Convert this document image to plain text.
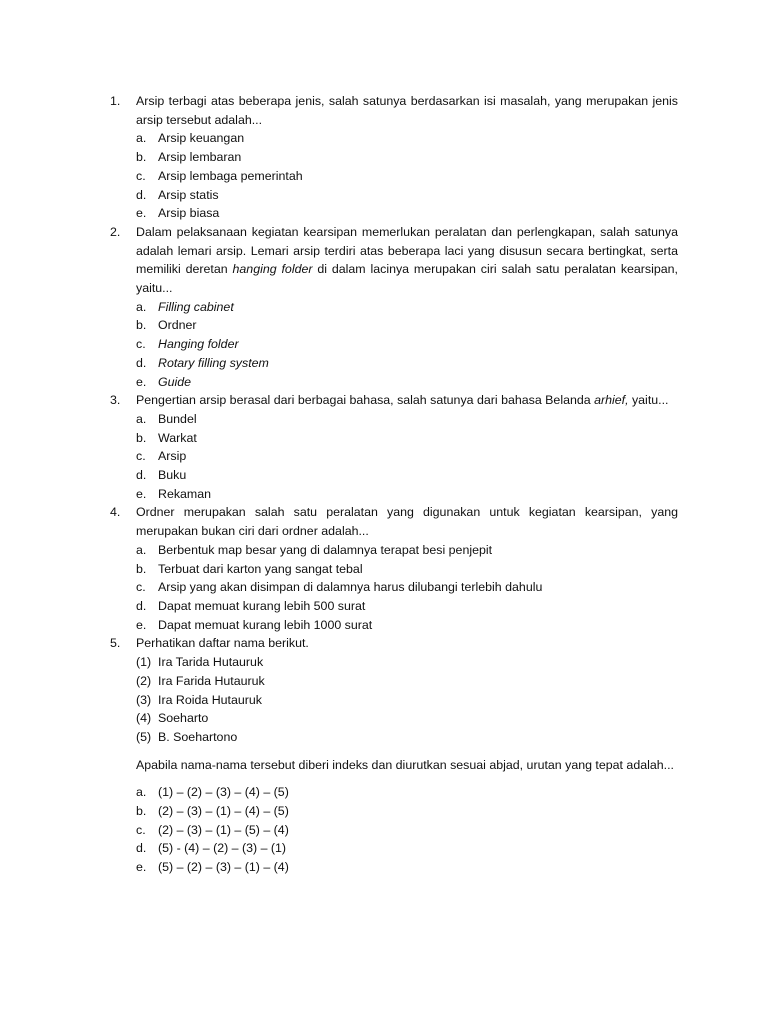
1. Arsip terbagi atas beberapa jenis, salah satunya berdasarkan isi masalah, yang merupakan jenis arsip tersebut adalah...
a. Arsip keuangan
b. Arsip lembaran
c. Arsip lembaga pemerintah
d. Arsip statis
e. Arsip biasa
2. Dalam pelaksanaan kegiatan kearsipan memerlukan peralatan dan perlengkapan, salah satunya adalah lemari arsip. Lemari arsip terdiri atas beberapa laci yang disusun secara bertingkat, serta memiliki deretan hanging folder di dalam lacinya merupakan ciri salah satu peralatan kearsipan, yaitu...
a. Filling cabinet
b. Ordner
c. Hanging folder
d. Rotary filling system
e. Guide
3. Pengertian arsip berasal dari berbagai bahasa, salah satunya dari bahasa Belanda arhief, yaitu...
a. Bundel
b. Warkat
c. Arsip
d. Buku
e. Rekaman
4. Ordner merupakan salah satu peralatan yang digunakan untuk kegiatan kearsipan, yang merupakan bukan ciri dari ordner adalah...
a. Berbentuk map besar yang di dalamnya terapat besi penjepit
b. Terbuat dari karton yang sangat tebal
c. Arsip yang akan disimpan di dalamnya harus dilubangi terlebih dahulu
d. Dapat memuat kurang lebih 500 surat
e. Dapat memuat kurang lebih 1000 surat
5. Perhatikan daftar nama berikut.
(1) Ira Tarida Hutauruk
(2) Ira Farida Hutauruk
(3) Ira Roida Hutauruk
(4) Soeharto
(5) B. Soehartono
Apabila nama-nama tersebut diberi indeks dan diurutkan sesuai abjad, urutan yang tepat adalah...
a. (1) – (2) – (3) – (4) – (5)
b. (2) – (3) – (1) – (4) – (5)
c. (2) – (3) – (1) – (5) – (4)
d. (5) - (4) – (2) – (3) – (1)
e. (5) – (2) – (3) – (1) – (4)
